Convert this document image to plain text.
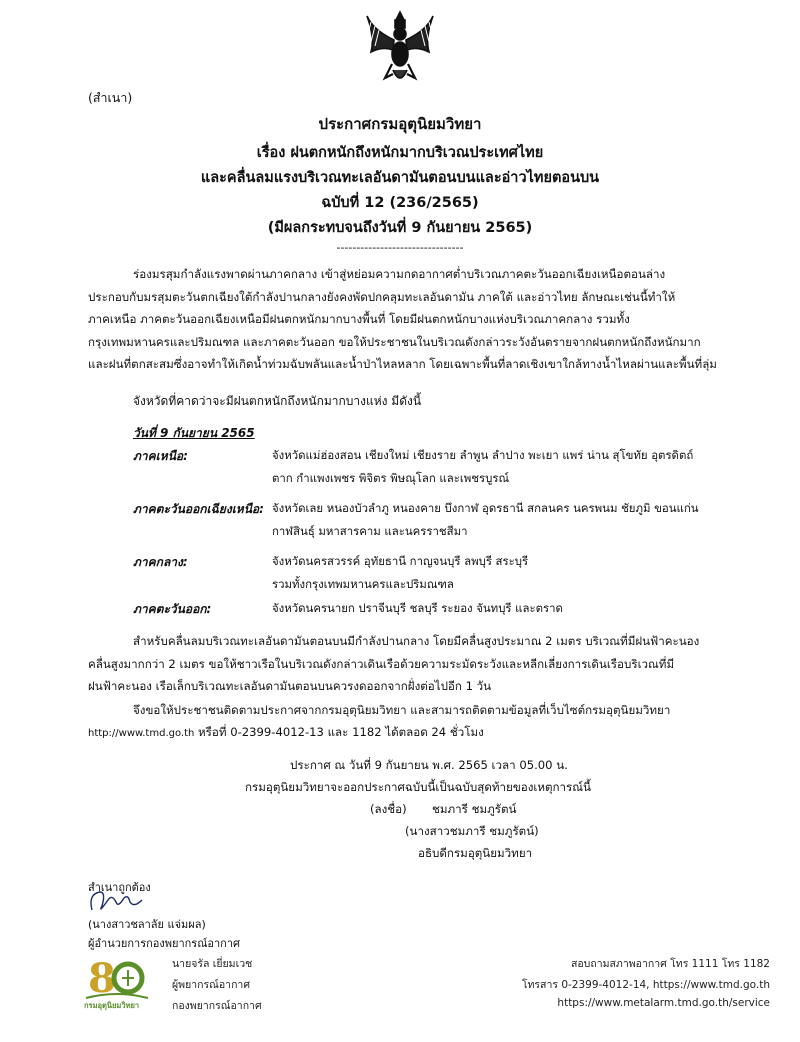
(สำเนา)
ประกาศกรมอุตุนิยมวิทยา
เรื่อง ฝนตกหนักถึงหนักมากบริเวณประเทศไทย
และคลื่นลมแรงบริเวณทะเลอันดามันตอนบนและอ่าวไทยตอนบน
ฉบับที่ 12 (236/2565)
(มีผลกระทบจนถึงวันที่ 9 กันยายน 2565)
--------------------------------
ร่องมรสุมกำลังแรงพาดผ่านภาคกลาง เข้าสู่หย่อมความกดอากาศต่ำบริเวณภาคตะวันออกเฉียงเหนือตอนล่าง
ประกอบกับมรสุมตะวันตกเฉียงใต้กำลังปานกลางยังคงพัดปกคลุมทะเลอันดามัน ภาคใต้ และอ่าวไทย ลักษณะเช่นนี้ทำให้
ภาคเหนือ ภาคตะวันออกเฉียงเหนือมีฝนตกหนักมากบางพื้นที่ โดยมีฝนตกหนักบางแห่งบริเวณภาคกลาง รวมทั้ง
กรุงเทพมหานครและปริมณฑล และภาคตะวันออก ขอให้ประชาชนในบริเวณดังกล่าวระวังอันตรายจากฝนตกหนักถึงหนักมาก
และฝนที่ตกสะสมซึ่งอาจทำให้เกิดน้ำท่วมฉับพลันและน้ำป่าไหลหลาก โดยเฉพาะพื้นที่ลาดเชิงเขาใกล้ทางน้ำไหลผ่านและพื้นที่ลุ่ม
จังหวัดที่คาดว่าจะมีฝนตกหนักถึงหนักมากบางแห่ง มีดังนี้
วันที่ 9 กันยายน 2565
ภาคเหนือ:	จังหวัดแม่ฮ่องสอน เชียงใหม่ เชียงราย ลำพูน ลำปาง พะเยา แพร่ น่าน สุโขทัย อุตรดิตถ์
ตาก กำแพงเพชร พิจิตร พิษณุโลก และเพชรบูรณ์
ภาคตะวันออกเฉียงเหนือ: จังหวัดเลย หนองบัวลำภู หนองคาย บึงกาฬ อุดรธานี สกลนคร นครพนม ชัยภูมิ ขอนแก่น
กาฬสินธุ์ มหาสารคาม และนครราชสีมา
ภาคกลาง:	จังหวัดนครสวรรค์ อุทัยธานี กาญจนบุรี ลพบุรี สระบุรี
รวมทั้งกรุงเทพมหานครและปริมณฑล
ภาคตะวันออก:	จังหวัดนครนายก ปราจีนบุรี ชลบุรี ระยอง จันทบุรี และตราด
สำหรับคลื่นลมบริเวณทะเลอันดามันตอนบนมีกำลังปานกลาง โดยมีคลื่นสูงประมาณ 2 เมตร บริเวณที่มีฝนฟ้าคะนอง
คลื่นสูงมากกว่า 2 เมตร ขอให้ชาวเรือในบริเวณดังกล่าวเดินเรือด้วยความระมัดระวังและหลีกเลี่ยงการเดินเรือบริเวณที่มี
ฝนฟ้าคะนอง เรือเล็กบริเวณทะเลอันดามันตอนบนควรงดออกจากฝั่งต่อไปอีก 1 วัน
จึงขอให้ประชาชนติดตามประกาศจากกรมอุตุนิยมวิทยา และสามารถติดตามข้อมูลที่เว็บไซต์กรมอุตุนิยมวิทยา
http://www.tmd.go.th หรือที่ 0-2399-4012-13 และ 1182 ได้ตลอด 24 ชั่วโมง
ประกาศ ณ วันที่ 9 กันยายน พ.ศ. 2565 เวลา 05.00 น.
กรมอุตุนิยมวิทยาจะออกประกาศฉบับนี้เป็นฉบับสุดท้ายของเหตุการณ์นี้
(ลงชื่อ) ชมภารี ชมภูรัตน์
(นางสาวชมภารี ชมภูรัตน์)
อธิบดีกรมอุตุนิยมวิทยา
สำเนาถูกต้อง
(นางสาวชลาลัย แจ่มผล)
ผู้อำนวยการกองพยากรณ์อากาศ
8
กรมอุตุนิยมวิทยา
นายจรัล เยี่ยมเวช
ผู้พยากรณ์อากาศ
กองพยากรณ์อากาศ
สอบถามสภาพอากาศ โทร 1111 โทร 1182
โทรสาร 0-2399-4012-14, https://www.tmd.go.th
https://www.metalarm.tmd.go.th/service
